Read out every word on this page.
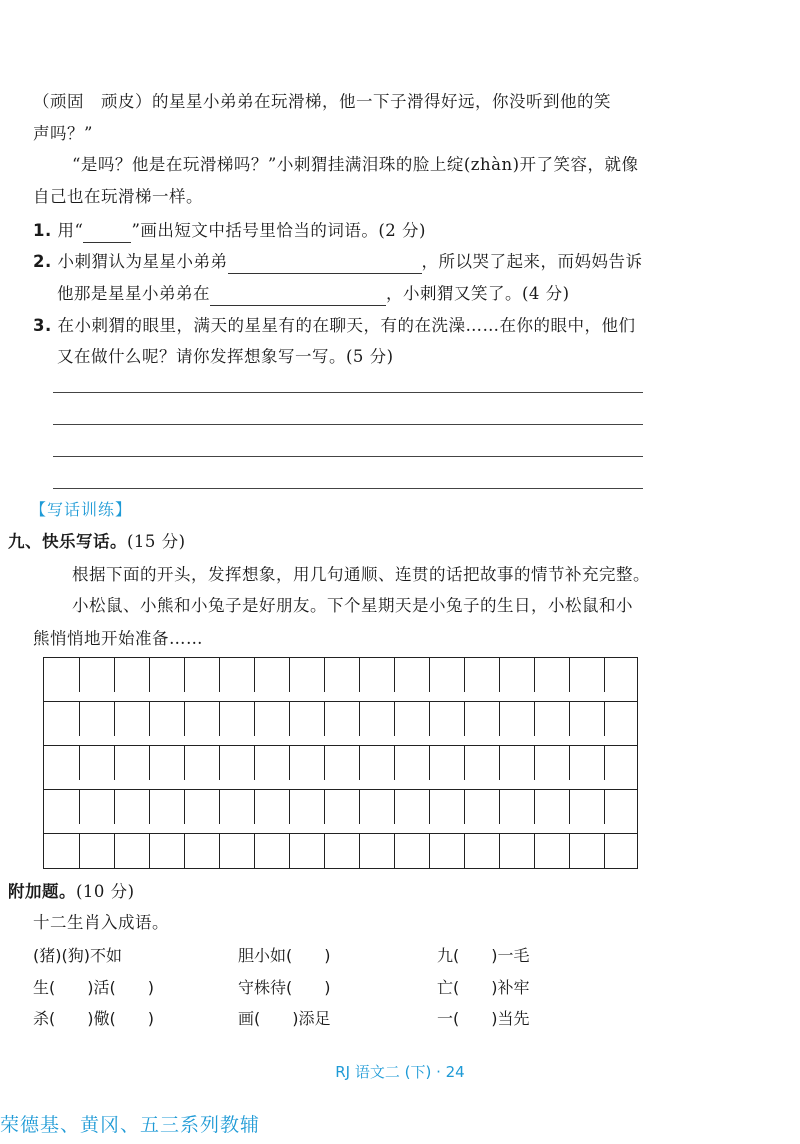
（顽固　顽皮）的星星小弟弟在玩滑梯，他一下子滑得好远，你没听到他的笑
声吗？”
“是吗？他是在玩滑梯吗？”小刺猬挂满泪珠的脸上绽(zhàn)开了笑容，就像
自己也在玩滑梯一样。
1. 用“	”画出短文中括号里恰当的词语。(2 分)
2. 小刺猬认为星星小弟弟	，所以哭了起来，而妈妈告诉
他那是星星小弟弟在	，小刺猬又笑了。(4 分)
3. 在小刺猬的眼里，满天的星星有的在聊天，有的在洗澡……在你的眼中，他们
又在做什么呢？请你发挥想象写一写。(5 分)
【写话训练】
九、快乐写话。(15 分)
根据下面的开头，发挥想象，用几句通顺、连贯的话把故事的情节补充完整。
小松鼠、小熊和小兔子是好朋友。下个星期天是小兔子的生日，小松鼠和小
熊悄悄地开始准备……
附加题。(10 分)
十二生肖入成语。
(猪)(狗)不如	胆小如(　　)	九(　　)一毛
生(　　)活(　　)	守株待(　　)	亡(　　)补牢
杀(　　)儆(　　)	画(　　)添足	一(　　)当先
RJ 语文二 (下) · 24
荣德基、黄冈、五三系列教辅
